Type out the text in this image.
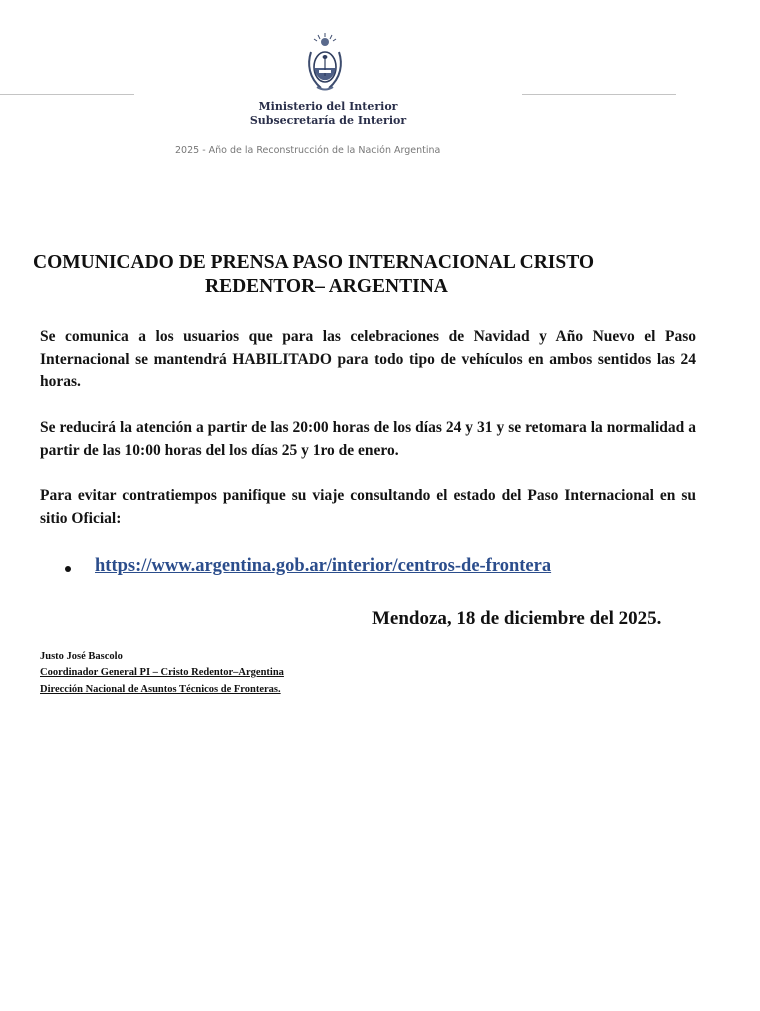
Ministerio del Interior
Subsecretaría de Interior
2025 - Año de la Reconstrucción de la Nación Argentina
COMUNICADO DE PRENSA PASO INTERNACIONAL CRISTO
REDENTOR– ARGENTINA
Se comunica a los usuarios que para las celebraciones de Navidad y Año Nuevo el Paso Internacional se mantendrá HABILITADO para todo tipo de vehículos en ambos sentidos las 24 horas.
Se reducirá la atención a partir de las 20:00 horas de los días 24 y 31 y se retomara la normalidad a partir de las 10:00 horas del los días 25 y 1ro de enero.
Para evitar contratiempos panifique su viaje consultando el estado del Paso Internacional en su sitio Oficial:
https://www.argentina.gob.ar/interior/centros-de-frontera
Mendoza, 18 de diciembre del 2025.
Justo José Bascolo
Coordinador General PI – Cristo Redentor–Argentina
Dirección Nacional de Asuntos Técnicos de Fronteras.
